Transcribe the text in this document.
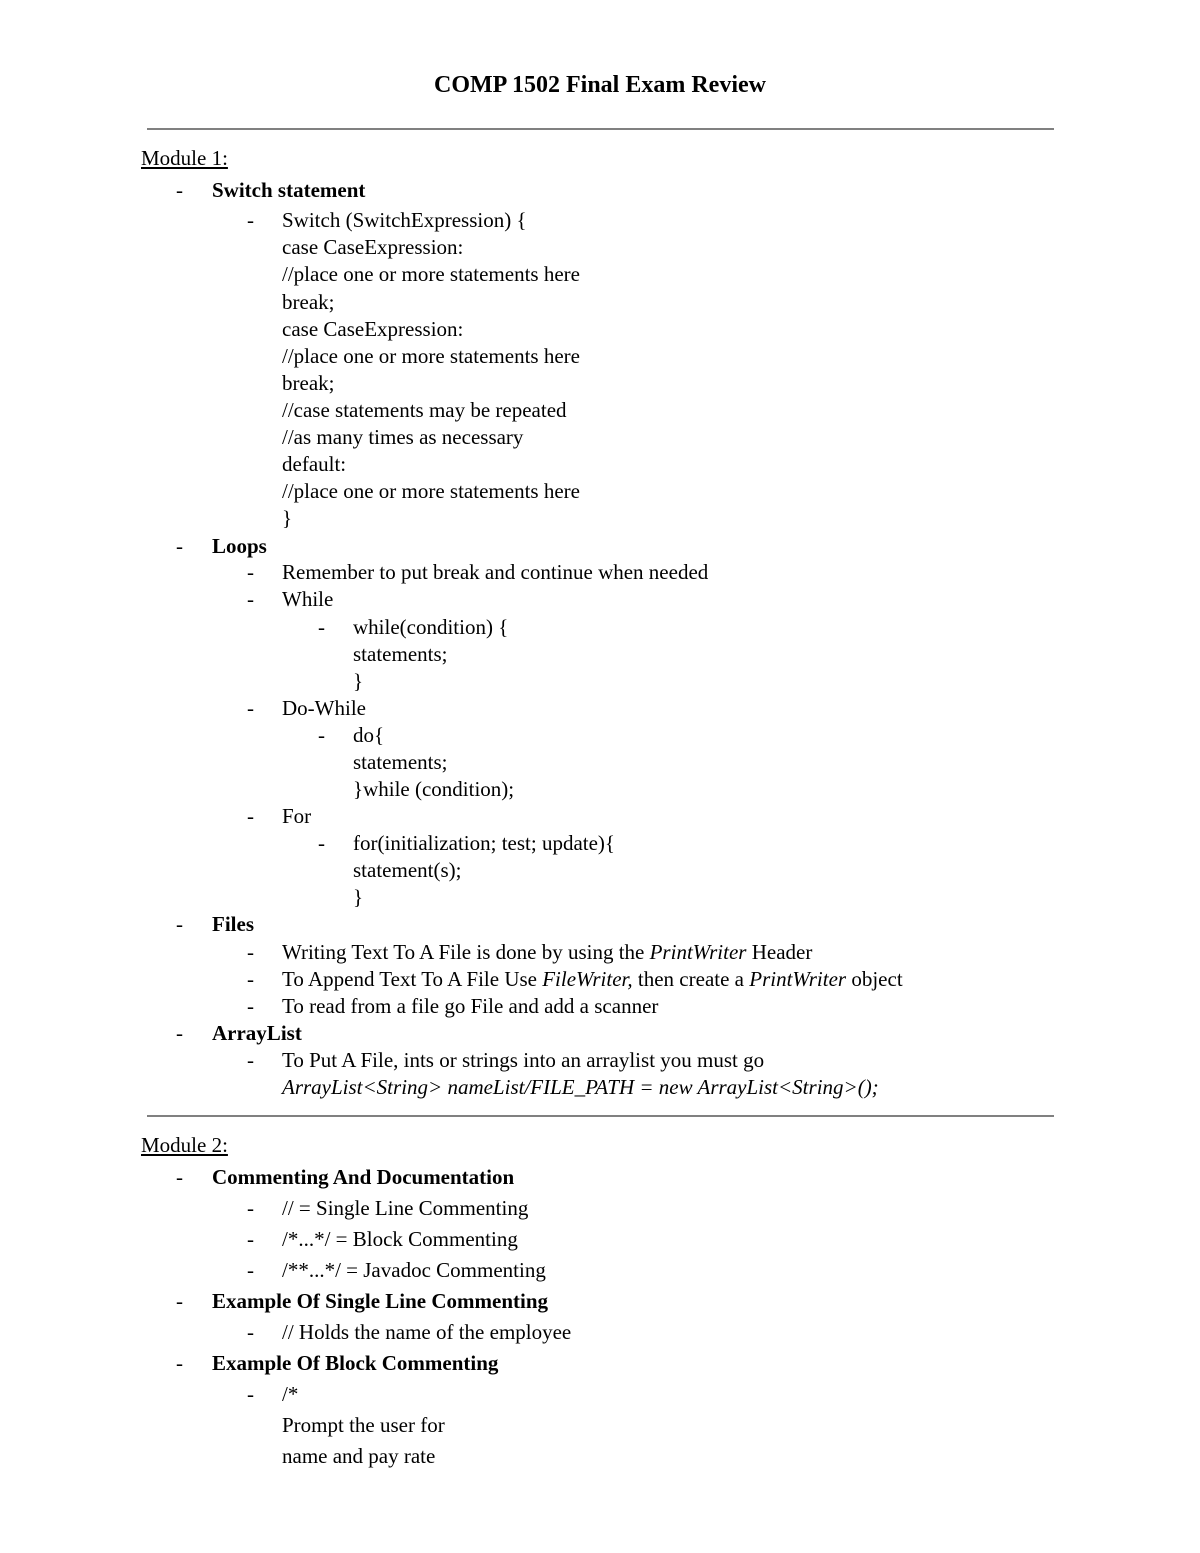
COMP 1502 Final Exam Review
Module 1:
- Switch statement
- Switch (SwitchExpression) {
case CaseExpression:
//place one or more statements here
break;
case CaseExpression:
//place one or more statements here
break;
//case statements may be repeated
//as many times as necessary
default:
//place one or more statements here
}
- Loops
- Remember to put break and continue when needed
- While
- while(condition) {
statements;
}
- Do-While
- do{
statements;
}while (condition);
- For
- for(initialization; test; update){
statement(s);
}
- Files
- Writing Text To A File is done by using the PrintWriter Header
- To Append Text To A File Use FileWriter, then create a PrintWriter object
- To read from a file go File and add a scanner
- ArrayList
- To Put A File, ints or strings into an arraylist you must go
ArrayList<String> nameList/FILE_PATH = new ArrayList<String>();
Module 2:
- Commenting And Documentation
- // = Single Line Commenting
- /*...*/ = Block Commenting
- /**...*/ = Javadoc Commenting
- Example Of Single Line Commenting
- // Holds the name of the employee
- Example Of Block Commenting
- /*
Prompt the user for
name and pay rate
